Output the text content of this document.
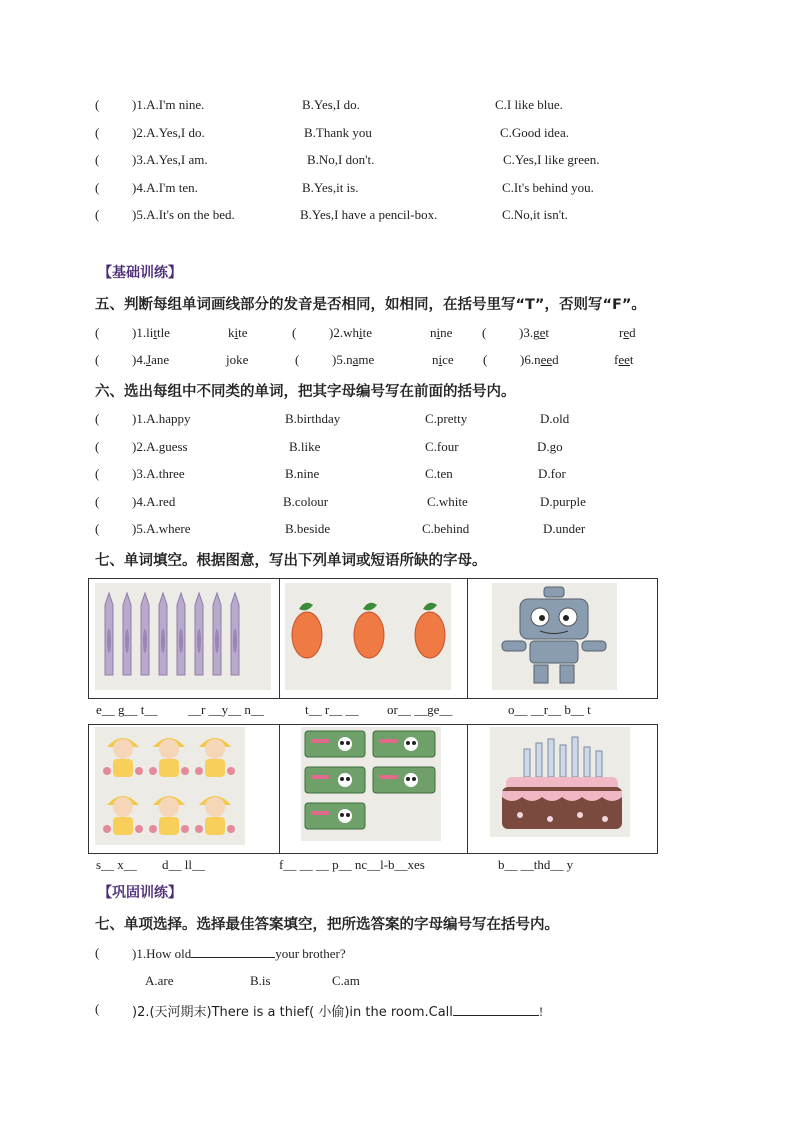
(	)1.A.I'm nine.	B.Yes,I do.	C.I like blue.
(	)2.A.Yes,I do.	B.Thank you	C.Good idea.
(	)3.A.Yes,I am.	B.No,I don't.	C.Yes,I like green.
(	)4.A.I'm ten.	B.Yes,it is.	C.It's behind you.
(	)5.A.It's on the bed.	B.Yes,I have a pencil-box.	C.No,it isn't.
【基础训练】
五、判断每组单词画线部分的发音是否相同，如相同，在括号里写“T”，否则写“F”。
(	)1.little	kite	(	)2.white	nine (	)3.get	red
(	)4.Jane	joke	(	)5.name	nice (	)6.need	feet
六、选出每组中不同类的单词，把其字母编号写在前面的括号内。
(	)1.A.happy	B.birthday	C.pretty	D.old
(	)2.A.guess	B.like	C.four	D.go
(	)3.A.three	B.nine	C.ten	D.for
(	)4.A.red	B.colour	C.white	D.purple
(	)5.A.where	B.beside	C.behind	D.under
七、单词填空。根据图意，写出下列单词或短语所缺的字母。
e__ g__ t__ __r __y__ n__	t__ r__ __ or__ __ge__	o__ __r__ b__ t
s__ x__ d__ ll__	f__ __ __ p__ nc__l-b__xes	b__ __thd__ y
【巩固训练】
七、单项选择。选择最佳答案填空，把所选答案的字母编号写在括号内。
(	)1.How old	your brother?
A.are	B.is	C.am
(	)2.(天河期末)There is a thief( 小偷)in the room.Call	!
